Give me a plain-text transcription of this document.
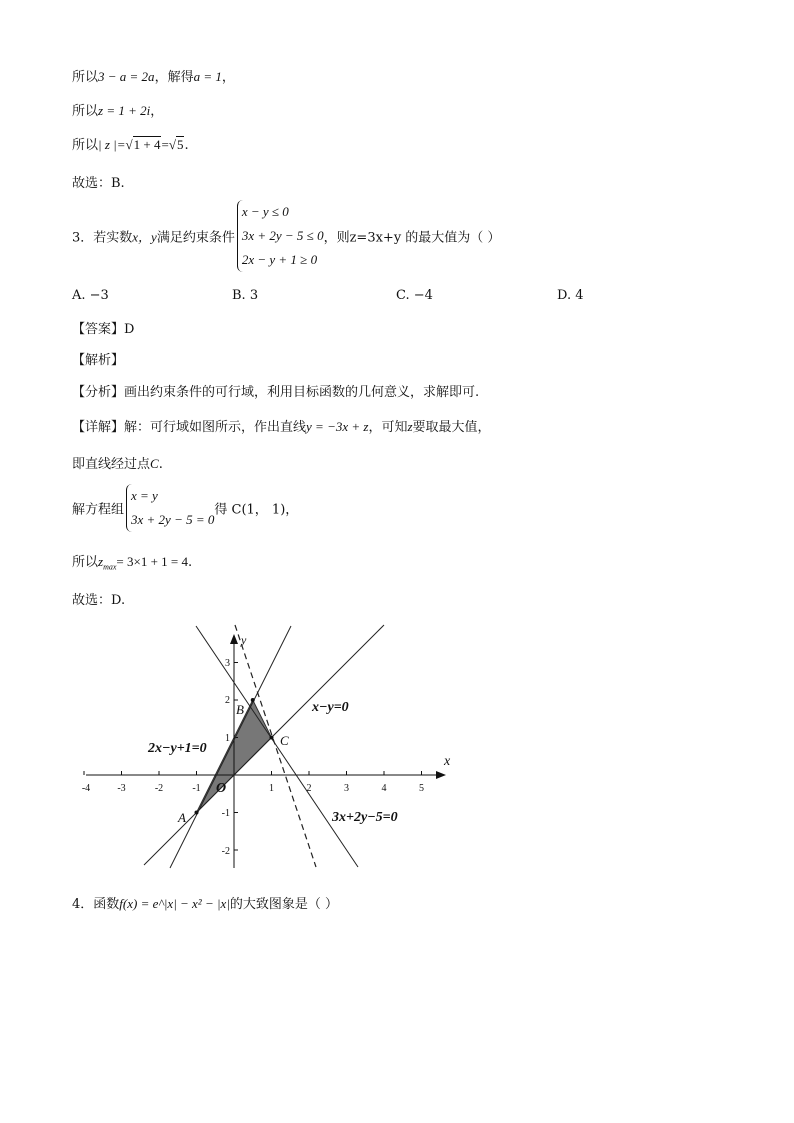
所以3 − a = 2a，解得a = 1，
所以z = 1 + 2i，
所以| z |=√1 + 4=√5.
故选：B.
3．若实数x，y满足约束条件
x − y ≤ 0
3x + 2y − 5 ≤ 0
2x − y + 1 ≥ 0
，则z=3x+y 的最大值为（ ）
A. −3	B. 3	C. −4	D. 4
【答案】D
【解析】
【分析】画出约束条件的可行域，利用目标函数的几何意义，求解即可.
【详解】解：可行域如图所示，作出直线y = −3x + z，可知z要取最大值，
即直线经过点C.
解方程组
x = y
3x + 2y − 5 = 0
得 C(1， 1)，
所以$z_{max}= 3\times 1 + 1 = 4$.
故选：D.
-4	-3	-2	-1	1	2	3	4	5
3
2
1
-1
-2
x
y
O
A
B
C
x−y=0
2x−y+1=0
3x+2y−5=0
4．函数f(x) = e^|x| − x² − |x|的大致图象是（ ）
